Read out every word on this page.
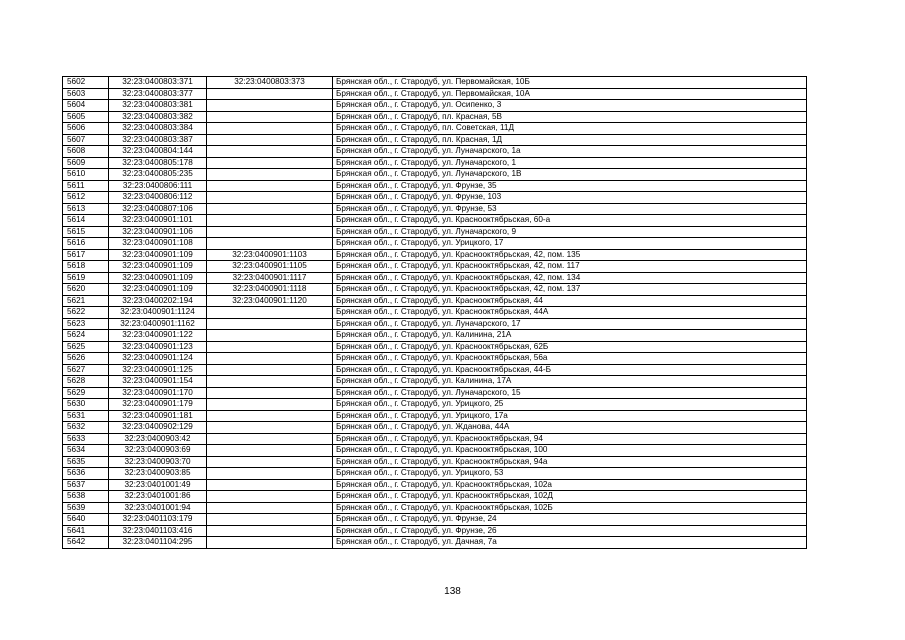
5602	32:23:0400803:371	32:23:0400803:373	Брянская обл., г. Стародуб, ул. Первомайская, 10Б
5603	32:23:0400803:377		Брянская обл., г. Стародуб, ул. Первомайская, 10А
5604	32:23:0400803:381		Брянская обл., г. Стародуб, ул. Осипенко, 3
5605	32:23:0400803:382		Брянская обл., г. Стародуб, пл. Красная, 5В
5606	32:23:0400803:384		Брянская обл., г. Стародуб, пл. Советская, 11Д
5607	32:23:0400803:387		Брянская обл., г. Стародуб, пл. Красная, 1Д
5608	32:23:0400804:144		Брянская обл., г. Стародуб, ул. Луначарского, 1а
5609	32:23:0400805:178		Брянская обл., г. Стародуб, ул. Луначарского, 1
5610	32:23:0400805:235		Брянская обл., г. Стародуб, ул. Луначарского, 1В
5611	32:23:0400806:111		Брянская обл., г. Стародуб, ул. Фрунзе, 35
5612	32:23:0400806:112		Брянская обл., г. Стародуб, ул. Фрунзе, 103
5613	32:23:0400807:106		Брянская обл., г. Стародуб, ул. Фрунзе, 53
5614	32:23:0400901:101		Брянская обл., г. Стародуб, ул. Краснооктябрьская, 60-а
5615	32:23:0400901:106		Брянская обл., г. Стародуб, ул. Луначарского, 9
5616	32:23:0400901:108		Брянская обл., г. Стародуб, ул. Урицкого, 17
5617	32:23:0400901:109	32:23:0400901:1103	Брянская обл., г. Стародуб, ул. Краснооктябрьская, 42, пом. 135
5618	32:23:0400901:109	32:23:0400901:1105	Брянская обл., г. Стародуб, ул. Краснооктябрьская, 42, пом. 117
5619	32:23:0400901:109	32:23:0400901:1117	Брянская обл., г. Стародуб, ул. Краснооктябрьская, 42, пом. 134
5620	32:23:0400901:109	32:23:0400901:1118	Брянская обл., г. Стародуб, ул. Краснооктябрьская, 42, пом. 137
5621	32:23:0400202:194	32:23:0400901:1120	Брянская обл., г. Стародуб, ул. Краснооктябрьская, 44
5622	32:23:0400901:1124		Брянская обл., г. Стародуб, ул. Краснооктябрьская, 44А
5623	32:23:0400901:1162		Брянская обл., г. Стародуб, ул. Луначарского, 17
5624	32:23:0400901:122		Брянская обл., г. Стародуб, ул. Калинина, 21А
5625	32:23:0400901:123		Брянская обл., г. Стародуб, ул. Краснооктябрьская, 62Б
5626	32:23:0400901:124		Брянская обл., г. Стародуб, ул. Краснооктябрьская, 56а
5627	32:23:0400901:125		Брянская обл., г. Стародуб, ул. Краснооктябрьская, 44-Б
5628	32:23:0400901:154		Брянская обл., г. Стародуб, ул. Калинина, 17А
5629	32:23:0400901:170		Брянская обл., г. Стародуб, ул. Луначарского, 15
5630	32:23:0400901:179		Брянская обл., г. Стародуб, ул. Урицкого, 25
5631	32:23:0400901:181		Брянская обл., г. Стародуб, ул. Урицкого, 17а
5632	32:23:0400902:129		Брянская обл., г. Стародуб, ул. Жданова, 44А
5633	32:23:0400903:42		Брянская обл., г. Стародуб, ул. Краснооктябрьская, 94
5634	32:23:0400903:69		Брянская обл., г. Стародуб, ул. Краснооктябрьская, 100
5635	32:23:0400903:70		Брянская обл., г. Стародуб, ул. Краснооктябрьская, 94а
5636	32:23:0400903:85		Брянская обл., г. Стародуб, ул. Урицкого, 53
5637	32:23:0401001:49		Брянская обл., г. Стародуб, ул. Краснооктябрьская, 102а
5638	32:23:0401001:86		Брянская обл., г. Стародуб, ул. Краснооктябрьская, 102Д
5639	32:23:0401001:94		Брянская обл., г. Стародуб, ул. Краснооктябрьская, 102Б
5640	32:23:0401103:179		Брянская обл., г. Стародуб, ул. Фрунзе, 24
5641	32:23:0401103:416		Брянская обл., г. Стародуб, ул. Фрунзе, 26
5642	32:23:0401104:295		Брянская обл., г. Стародуб, ул. Дачная, 7а
138
